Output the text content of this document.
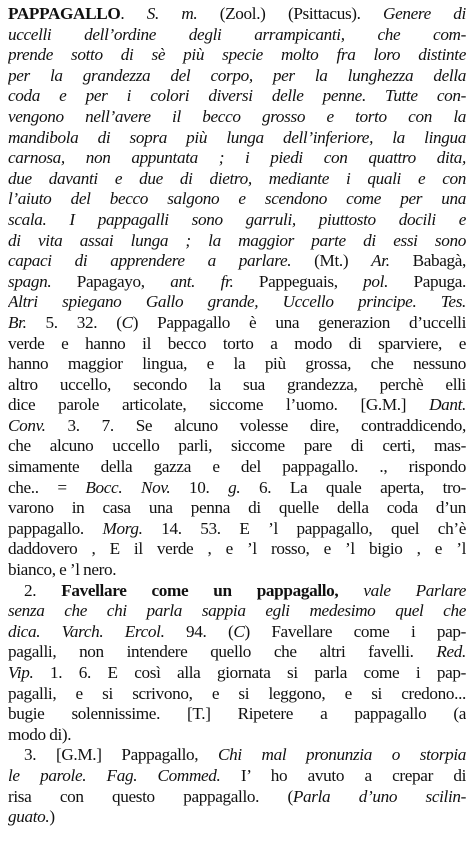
PAPPAGALLO. S. m. (Zool.) (Psittacus). Genere di
uccelli dell’ordine degli arrampicanti, che com-
prende sotto di sè più specie molto fra loro distinte
per la grandezza del corpo, per la lunghezza della
coda e per i colori diversi delle penne. Tutte con-
vengono nell’avere il becco grosso e torto con la
mandibola di sopra più lunga dell’inferiore, la lingua
carnosa, non appuntata ; i piedi con quattro dita,
due davanti e due di dietro, mediante i quali e con
l’aiuto del becco salgono e scendono come per una
scala. I pappagalli sono garruli, piuttosto docili e
di vita assai lunga ; la maggior parte di essi sono
capaci di apprendere a parlare. (Mt.) Ar. Babagà,
spagn. Papagayo, ant. fr. Pappeguais, pol. Papuga.
Altri spiegano Gallo grande, Uccello principe. Tes.
Br. 5. 32. (C) Pappagallo è una generazion d’uccelli
verde e hanno il becco torto a modo di sparviere, e
hanno maggior lingua, e la più grossa, che nessuno
altro uccello, secondo la sua grandezza, perchè elli
dice parole articolate, siccome l’uomo. [G.M.] Dant.
Conv. 3. 7. Se alcuno volesse dire, contraddicendo,
che alcuno uccello parli, siccome pare di certi, mas-
simamente della gazza e del pappagallo. ., rispondo
che.. = Bocc. Nov. 10. g. 6. La quale aperta, tro-
varono in casa una penna di quelle della coda d’un
pappagallo. Morg. 14. 53. E ’l pappagallo, quel ch’è
daddovero , E il verde , e ’l rosso, e ’l bigio , e ’l
bianco, e ’l nero.
2. Favellare come un pappagallo, vale Parlare
senza che chi parla sappia egli medesimo quel che
dica. Varch. Ercol. 94. (C) Favellare come i pap-
pagalli, non intendere quello che altri favelli. Red.
Vip. 1. 6. E così alla giornata si parla come i pap-
pagalli, e si scrivono, e si leggono, e si credono...
bugie solennissime. [T.] Ripetere a pappagallo (a
modo di).
3. [G.M.] Pappagallo, Chi mal pronunzia o storpia
le parole. Fag. Commed. I’ ho avuto a crepar di
risa con questo pappagallo. (Parla d’uno scilin-
guato.)
